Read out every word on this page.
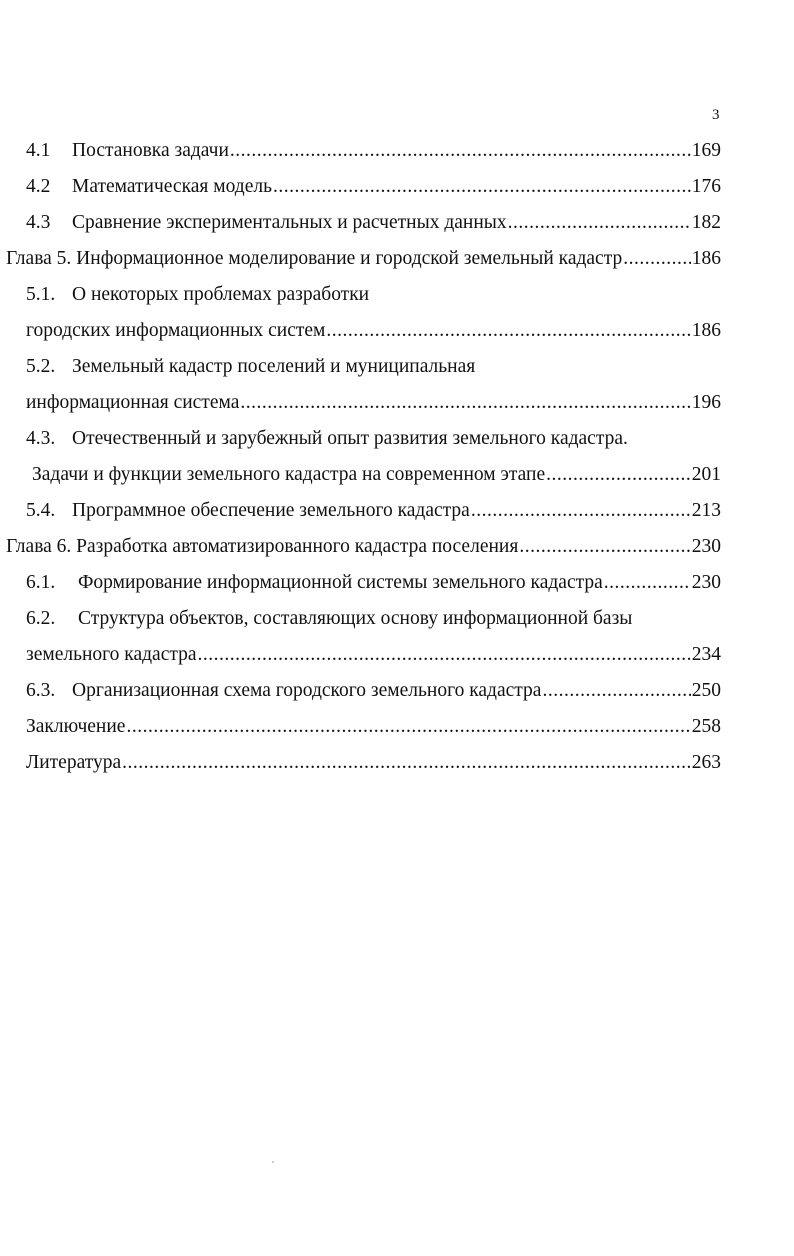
3
4.1	Постановка задачи .....	169
4.2	Математическая модель .....	176
4.3	Сравнение экспериментальных и расчетных данных .....	182
Глава 5. Информационное моделирование и городской земельный кадастр .....	186
5.1. О некоторых проблемах разработки
городских информационных систем .....	186
5.2. Земельный кадастр поселений и муниципальная
информационная система .....	196
4.3. Отечественный и зарубежный опыт развития земельного кадастра.
Задачи и функции земельного кадастра на современном этапе .....	201
5.4. Программное обеспечение земельного кадастра .....	213
Глава 6. Разработка автоматизированного кадастра поселения .....	230
6.1.	Формирование информационной системы земельного кадастра .....	230
6.2. Структура объектов, составляющих основу информационной базы
земельного кадастра .....	234
6.3. Организационная схема городского земельного кадастра .....	250
Заключение .....	258
Литература .....	263
